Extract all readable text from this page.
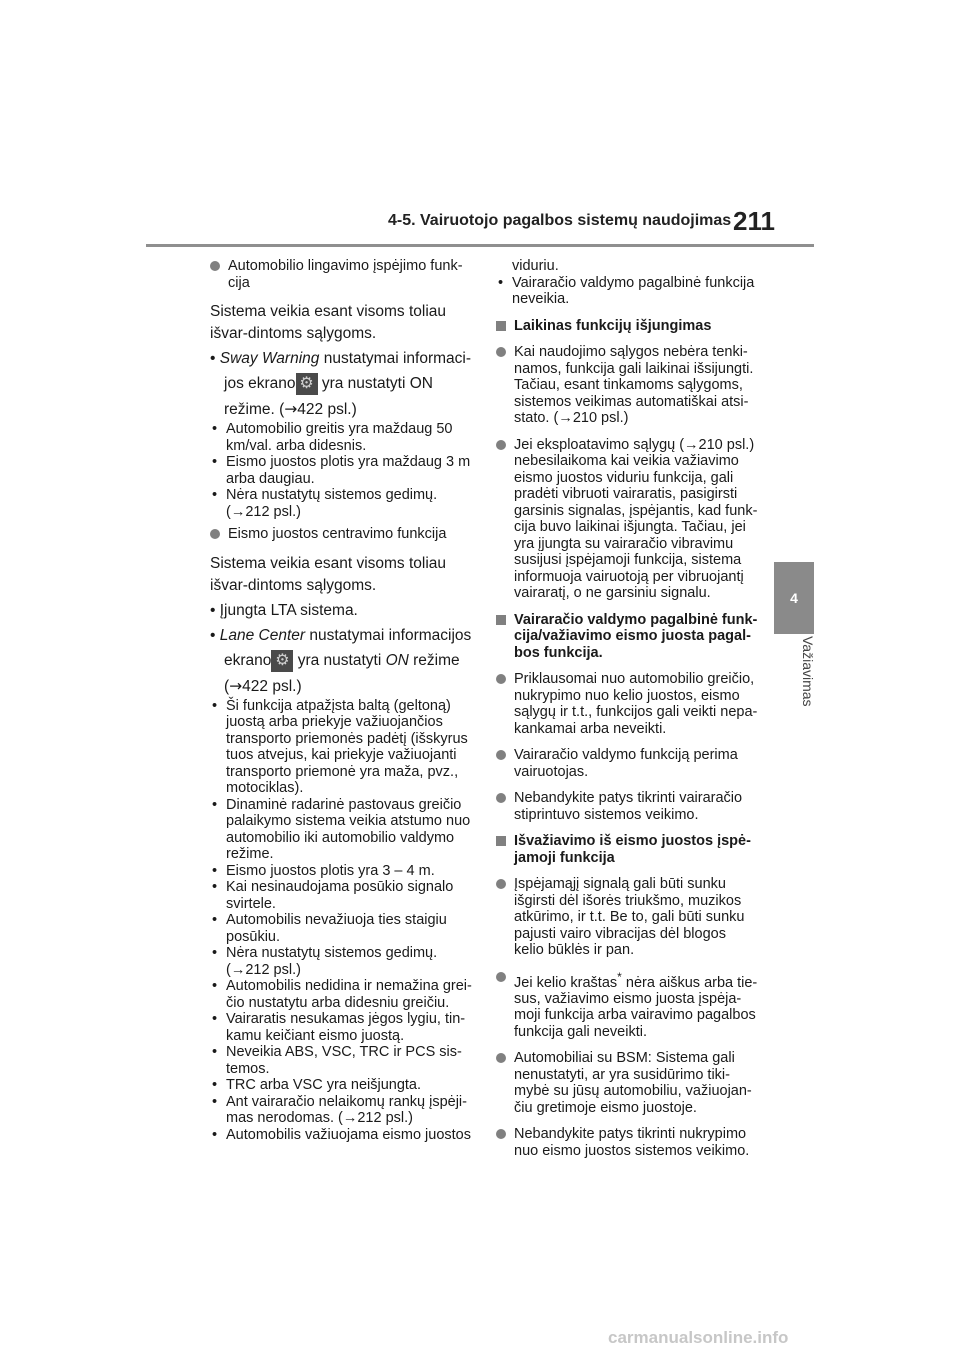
4-5. Vairuotojo pagalbos sistemų naudojimas 211
4
Važiavimas
Automobilio lingavimo įspėjimo funk-cija
Sistema veikia esant visoms toliau išvar-dintoms sąlygoms.
• Sway Warning nustatymai informaci-
jos ekrano ⚙ yra nustatyti ON
režime. (→422 psl.)
• Automobilio greitis yra maždaug 50 km/val. arba didesnis.
• Eismo juostos plotis yra maždaug 3 m arba daugiau.
• Nėra nustatytų sistemos gedimų. (→212 psl.)
Eismo juostos centravimo funkcija
Sistema veikia esant visoms toliau išvar-dintoms sąlygoms.
• Įjungta LTA sistema.
• Lane Center nustatymai informacijos
ekrano ⚙ yra nustatyti ON režime
(→422 psl.)
• Ši funkcija atpažįsta baltą (geltoną) juostą arba priekyje važiuojančios transporto priemonės padėtį (išskyrus tuos atvejus, kai priekyje važiuojanti transporto priemonė yra maža, pvz., motociklas).
• Dinaminė radarinė pastovaus greičio palaikymo sistema veikia atstumo nuo automobilio iki automobilio valdymo režime.
• Eismo juostos plotis yra 3 – 4 m.
• Kai nesinaudojama posūkio signalo svirtele.
• Automobilis nevažiuoja ties staigiu posūkiu.
• Nėra nustatytų sistemos gedimų. (→212 psl.)
• Automobilis nedidina ir nemažina grei-čio nustatytu arba didesniu greičiu.
• Vairaratis nesukamas jėgos lygiu, tin-kamu keičiant eismo juostą.
• Neveikia ABS, VSC, TRC ir PCS sis-temos.
• TRC arba VSC yra neišjungta.
• Ant vairaračio nelaikomų rankų įspėji-mas nerodomas. (→212 psl.)
• Automobilis važiuojama eismo juostos
viduriu.
• Vairaračio valdymo pagalbinė funkcija neveikia.
Laikinas funkcijų išjungimas
Kai naudojimo sąlygos nebėra tenki-namos, funkcija gali laikinai išsijungti. Tačiau, esant tinkamoms sąlygoms, sistemos veikimas automatiškai atsi-stato. (→210 psl.)
Jei eksploatavimo sąlygų (→210 psl.) nebesilaikoma kai veikia važiavimo eismo juostos viduriu funkcija, gali pradėti vibruoti vairaratis, pasigirsti garsinis signalas, įspėjantis, kad funk-cija buvo laikinai išjungta. Tačiau, jei yra įjungta su vairaračio vibravimu susijusi įspėjamoji funkcija, sistema informuoja vairuotoją per vibruojantį vairaratį, o ne garsiniu signalu.
Vairaračio valdymo pagalbinė funk-cija/važiavimo eismo juosta pagal-bos funkcija.
Priklausomai nuo automobilio greičio, nukrypimo nuo kelio juostos, eismo sąlygų ir t.t., funkcijos gali veikti nepa-kankamai arba neveikti.
Vairaračio valdymo funkciją perima vairuotojas.
Nebandykite patys tikrinti vairaračio stiprintuvo sistemos veikimo.
Išvažiavimo iš eismo juostos įspė-jamoji funkcija
Įspėjamąjį signalą gali būti sunku išgirsti dėl išorės triukšmo, muzikos atkūrimo, ir t.t. Be to, gali būti sunku pajusti vairo vibracijas dėl blogos kelio būklės ir pan.
Jei kelio kraštas* nėra aiškus arba tie-sus, važiavimo eismo juosta įspėja-moji funkcija arba vairavimo pagalbos funkcija gali neveikti.
Automobiliai su BSM: Sistema gali nenustatyti, ar yra susidūrimo tiki-mybė su jūsų automobiliu, važiuojan-čiu gretimoje eismo juostoje.
Nebandykite patys tikrinti nukrypimo nuo eismo juostos sistemos veikimo.
carmanualsonline.info
